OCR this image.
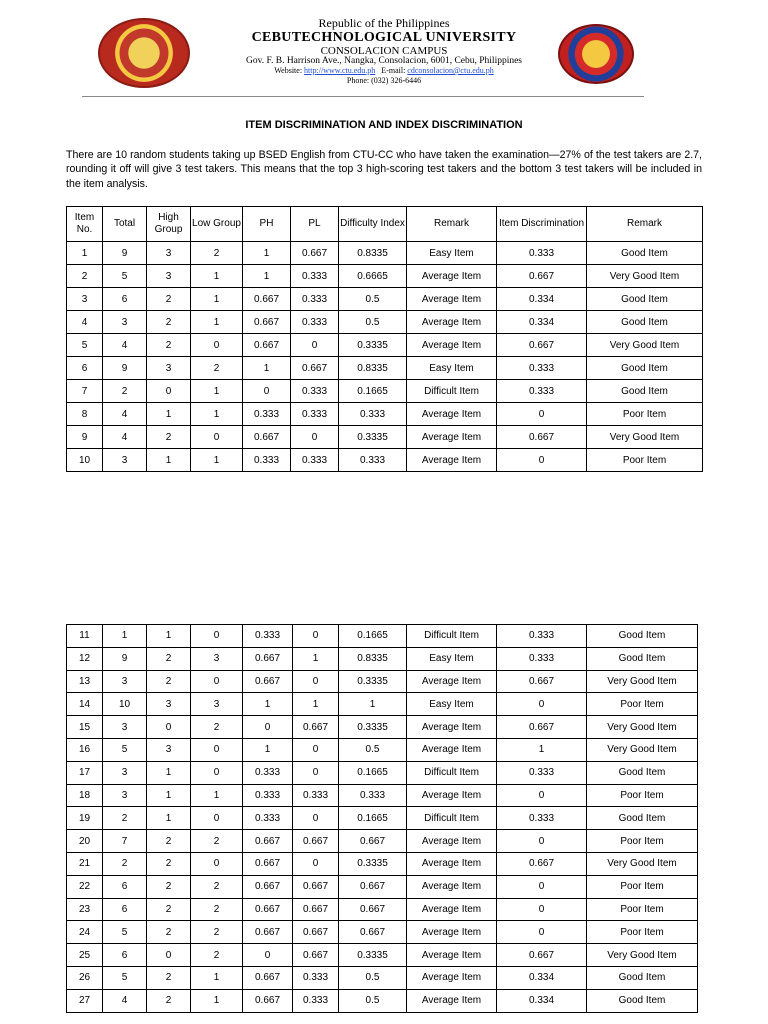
Republic of the Philippines
CEBUTECHNOLOGICAL UNIVERSITY
CONSOLACION CAMPUS
Gov. F. B. Harrison Ave., Nangka, Consolacion, 6001, Cebu, Philippines
Website: http://www.ctu.edu.ph E-mail: cdconsolacion@ctu.edu.ph
Phone: (032) 326-6446
ITEM DISCRIMINATION AND INDEX DISCRIMINATION
There are 10 random students taking up BSED English from CTU-CC who have taken the examination—27% of the test takers are 2.7, rounding it off will give 3 test takers. This means that the top 3 high-scoring test takers and the bottom 3 test takers will be included in the item analysis.
Item No.	Total	High Group	Low Group	PH	PL	Difficulty Index	Remark	Item Discrimination	Remark
1	9	3	2	1	0.667	0.8335	Easy Item	0.333	Good Item
2	5	3	1	1	0.333	0.6665	Average Item	0.667	Very Good Item
3	6	2	1	0.667	0.333	0.5	Average Item	0.334	Good Item
4	3	2	1	0.667	0.333	0.5	Average Item	0.334	Good Item
5	4	2	0	0.667	0	0.3335	Average Item	0.667	Very Good Item
6	9	3	2	1	0.667	0.8335	Easy Item	0.333	Good Item
7	2	0	1	0	0.333	0.1665	Difficult Item	0.333	Good Item
8	4	1	1	0.333	0.333	0.333	Average Item	0	Poor Item
9	4	2	0	0.667	0	0.3335	Average Item	0.667	Very Good Item
10	3	1	1	0.333	0.333	0.333	Average Item	0	Poor Item
11	1	1	0	0.333	0	0.1665	Difficult Item	0.333	Good Item
12	9	2	3	0.667	1	0.8335	Easy Item	0.333	Good Item
13	3	2	0	0.667	0	0.3335	Average Item	0.667	Very Good Item
14	10	3	3	1	1	1	Easy Item	0	Poor Item
15	3	0	2	0	0.667	0.3335	Average Item	0.667	Very Good Item
16	5	3	0	1	0	0.5	Average Item	1	Very Good Item
17	3	1	0	0.333	0	0.1665	Difficult Item	0.333	Good Item
18	3	1	1	0.333	0.333	0.333	Average Item	0	Poor Item
19	2	1	0	0.333	0	0.1665	Difficult Item	0.333	Good Item
20	7	2	2	0.667	0.667	0.667	Average Item	0	Poor Item
21	2	2	0	0.667	0	0.3335	Average Item	0.667	Very Good Item
22	6	2	2	0.667	0.667	0.667	Average Item	0	Poor Item
23	6	2	2	0.667	0.667	0.667	Average Item	0	Poor Item
24	5	2	2	0.667	0.667	0.667	Average Item	0	Poor Item
25	6	0	2	0	0.667	0.3335	Average Item	0.667	Very Good Item
26	5	2	1	0.667	0.333	0.5	Average Item	0.334	Good Item
27	4	2	1	0.667	0.333	0.5	Average Item	0.334	Good Item
